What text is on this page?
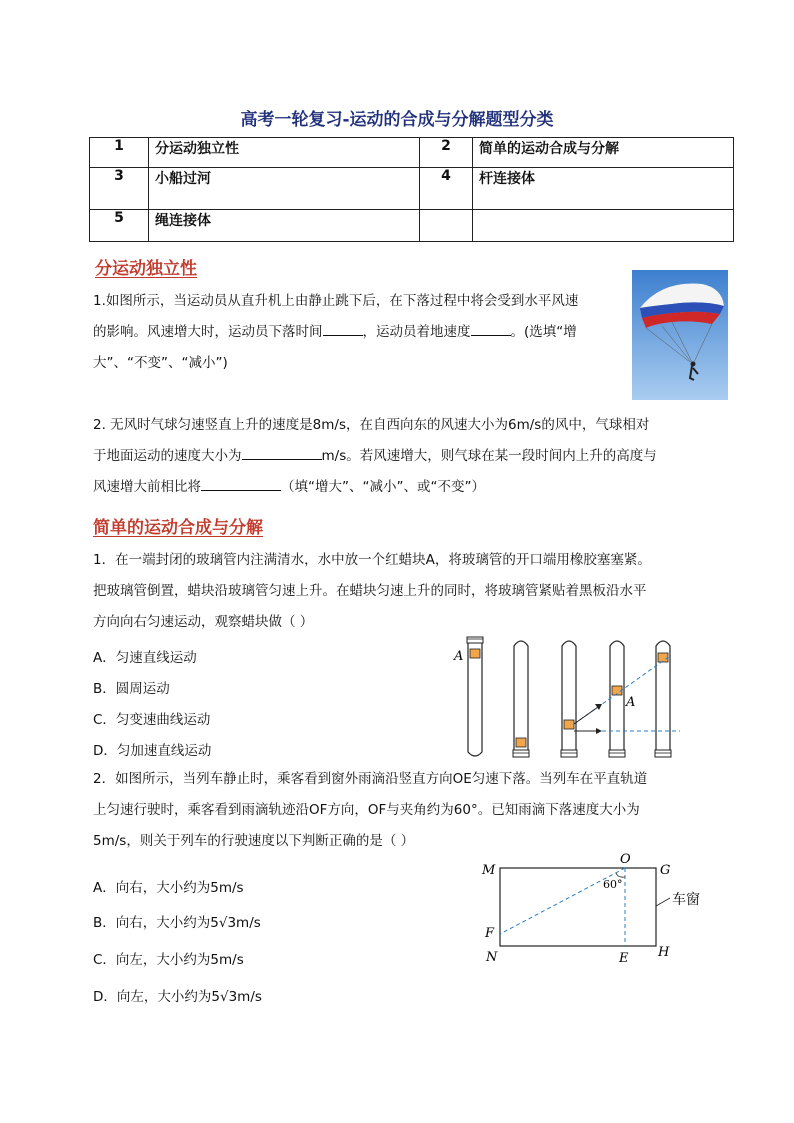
高考一轮复习-运动的合成与分解题型分类
1	分运动独立性	2	简单的运动合成与分解
3	小船过河	4	杆连接体
5	绳连接体		
分运动独立性
1.如图所示，当运动员从直升机上由静止跳下后，在下落过程中将会受到水平风速
的影响。风速增大时，运动员下落时间	，运动员着地速度	。(选填“增
大”、“不变”、“减小”)
2. 无风时气球匀速竖直上升的速度是8m/s，在自西向东的风速大小为6m/s的风中，气球相对
于地面运动的速度大小为	m/s。若风速增大，则气球在某一段时间内上升的高度与
风速增大前相比将	（填“增大”、“减小”、或“不变”）
简单的运动合成与分解
1．在一端封闭的玻璃管内注满清水，水中放一个红蜡块A，将玻璃管的开口端用橡胶塞塞紧。
把玻璃管倒置，蜡块沿玻璃管匀速上升。在蜡块匀速上升的同时，将玻璃管紧贴着黑板沿水平
方向向右匀速运动，观察蜡块做（ ）
A．匀速直线运动
B．圆周运动
C．匀变速曲线运动
D．匀加速直线运动
A
A
2．如图所示，当列车静止时，乘客看到窗外雨滴沿竖直方向OE匀速下落。当列车在平直轨道
上匀速行驶时，乘客看到雨滴轨迹沿OF方向，OF与夹角约为60°。已知雨滴下落速度大小为
5m/s，则关于列车的行驶速度以下判断正确的是（ ）
A．向右，大小约为5m/s
B．向右，大小约为5√3m/s
C．向左，大小约为5m/s
D．向左，大小约为5√3m/s
60°
M
O
G
F
N	E H
车窗
